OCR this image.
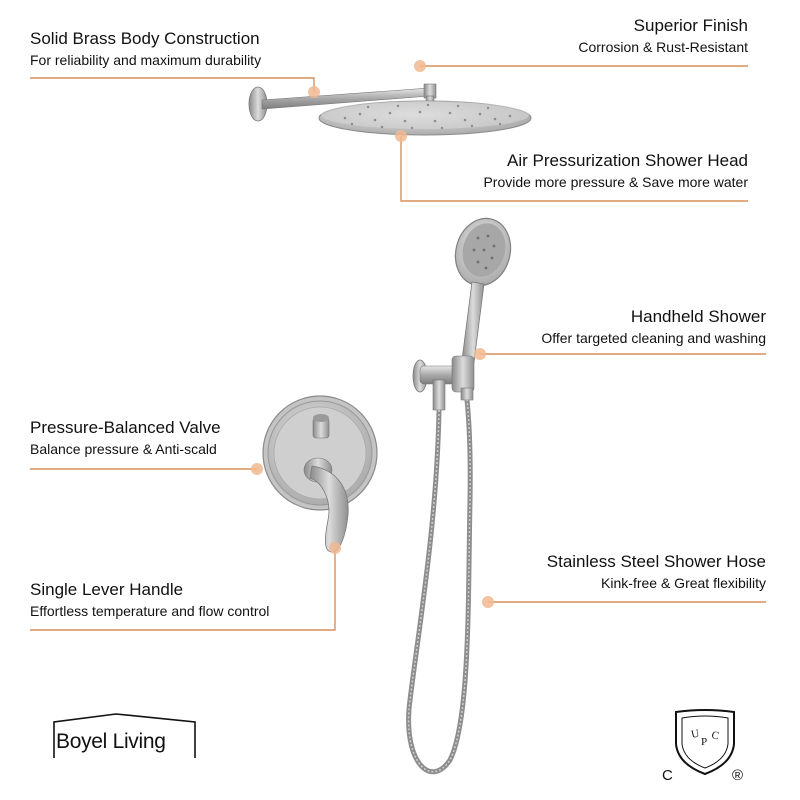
Solid Brass Body Construction
For reliability and maximum durability
Superior Finish
Corrosion & Rust-Resistant
Air Pressurization Shower Head
Provide more pressure & Save more water
Handheld Shower
Offer targeted cleaning and washing
Pressure-Balanced Valve
Balance pressure & Anti-scald
Single Lever Handle
Effortless temperature and flow control
Stainless Steel Shower Hose
Kink-free & Great flexibility
Boyel Living	U
P C
C	®
